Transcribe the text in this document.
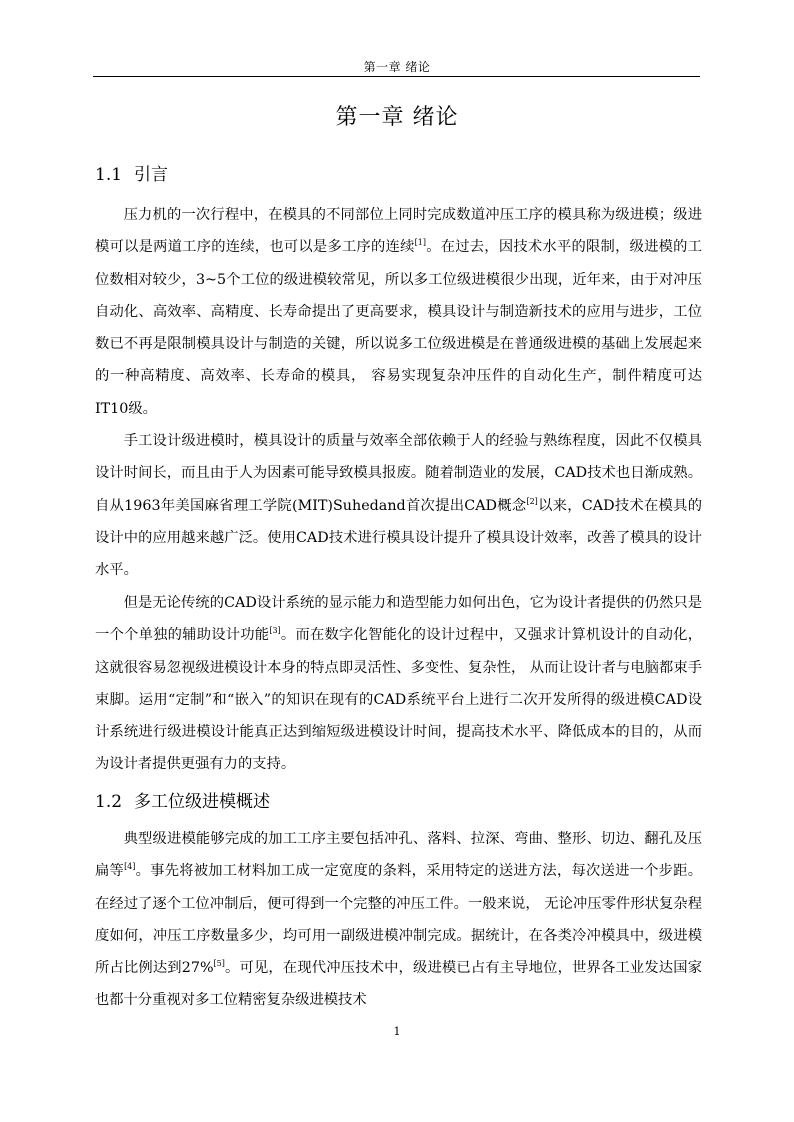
第一章 绪论
第一章 绪论
1.1 引言

压力机的一次行程中，在模具的不同部位上同时完成数道冲压工序的模具称为级进模；级进模可以是两道工序的连续，也可以是多工序的连续[1]。在过去，因技术水平的限制，级进模的工位数相对较少，3~5个工位的级进模较常见，所以多工位级进模很少出现，近年来，由于对冲压自动化、高效率、高精度、长寿命提出了更高要求，模具设计与制造新技术的应用与进步，工位数已不再是限制模具设计与制造的关键，所以说多工位级进模是在普通级进模的基础上发展起来的一种高精度、高效率、长寿命的模具， 容易实现复杂冲压件的自动化生产，制件精度可达IT10级。

手工设计级进模时，模具设计的质量与效率全部依赖于人的经验与熟练程度，因此不仅模具设计时间长，而且由于人为因素可能导致模具报废。随着制造业的发展，CAD技术也日渐成熟。自从1963年美国麻省理工学院(MIT)Suhedand首次提出CAD概念[2]以来，CAD技术在模具的设计中的应用越来越广泛。使用CAD技术进行模具设计提升了模具设计效率，改善了模具的设计水平。

但是无论传统的CAD设计系统的显示能力和造型能力如何出色，它为设计者提供的仍然只是一个个单独的辅助设计功能[3]。而在数字化智能化的设计过程中，又强求计算机设计的自动化，这就很容易忽视级进模设计本身的特点即灵活性、多变性、复杂性， 从而让设计者与电脑都束手束脚。运用“定制”和“嵌入”的知识在现有的CAD系统平台上进行二次开发所得的级进模CAD设计系统进行级进模设计能真正达到缩短级进模设计时间，提高技术水平、降低成本的目的，从而为设计者提供更强有力的支持。

1.2 多工位级进模概述

典型级进模能够完成的加工工序主要包括冲孔、落料、拉深、弯曲、整形、切边、翻孔及压扁等[4]。事先将被加工材料加工成一定宽度的条料，采用特定的送进方法，每次送进一个步距。在经过了逐个工位冲制后，便可得到一个完整的冲压工件。一般来说， 无论冲压零件形状复杂程度如何，冲压工序数量多少，均可用一副级进模冲制完成。据统计，在各类冷冲模具中，级进模所占比例达到27%[5]。可见，在现代冲压技术中，级进模已占有主导地位，世界各工业发达国家也都十分重视对多工位精密复杂级进模技术

1
